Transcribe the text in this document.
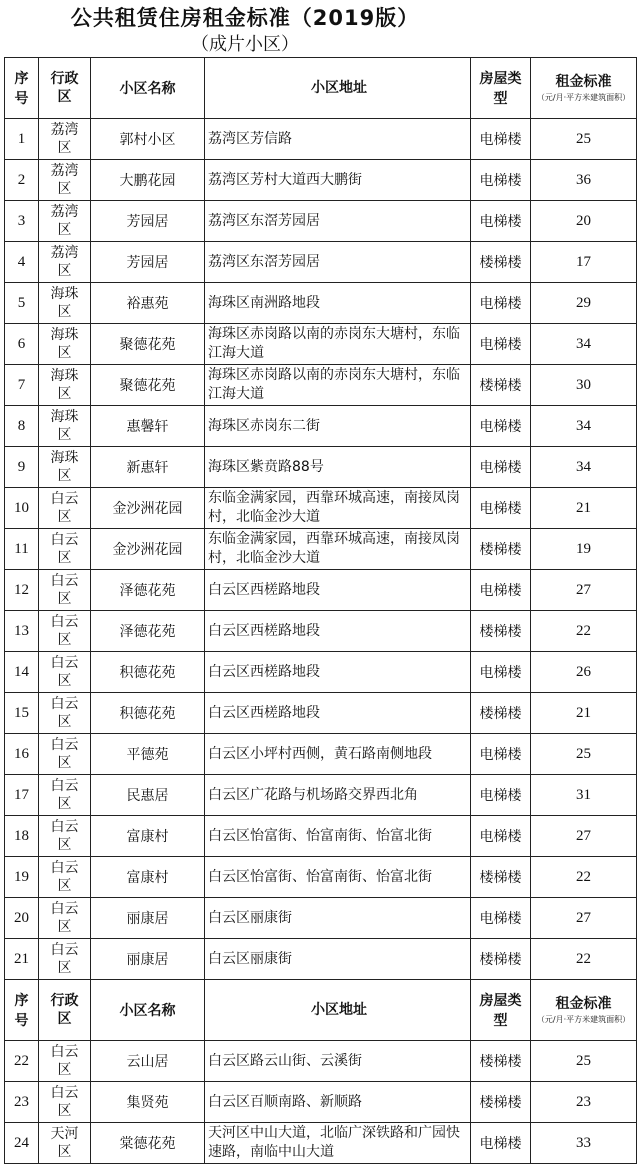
公共租赁住房租金标准（2019版）
（成片小区）
序号	行政区	小区名称	小区地址	房屋类型	租金标准
（元/月·平方米建筑面积）

1	荔湾区	郭村小区	荔湾区芳信路	电梯楼	25
2	荔湾区	大鹏花园	荔湾区芳村大道西大鹏街	电梯楼	36
3	荔湾区	芳园居	荔湾区东滘芳园居	电梯楼	20
4	荔湾区	芳园居	荔湾区东滘芳园居	楼梯楼	17
5	海珠区	裕惠苑	海珠区南洲路地段	电梯楼	29
6	海珠区	聚德花苑	海珠区赤岗路以南的赤岗东大塘村，东临江海大道	电梯楼	34
7	海珠区	聚德花苑	海珠区赤岗路以南的赤岗东大塘村，东临江海大道	楼梯楼	30
8	海珠区	惠馨轩	海珠区赤岗东二街	电梯楼	34
9	海珠区	新惠轩	海珠区紫贲路88号	电梯楼	34
10	白云区	金沙洲花园	东临金满家园，西靠环城高速，南接凤岗村，北临金沙大道	电梯楼	21
11	白云区	金沙洲花园	东临金满家园，西靠环城高速，南接凤岗村，北临金沙大道	楼梯楼	19
12	白云区	泽德花苑	白云区西槎路地段	电梯楼	27
13	白云区	泽德花苑	白云区西槎路地段	楼梯楼	22
14	白云区	积德花苑	白云区西槎路地段	电梯楼	26
15	白云区	积德花苑	白云区西槎路地段	楼梯楼	21
16	白云区	平德苑	白云区小坪村西侧，黄石路南侧地段	电梯楼	25
17	白云区	民惠居	白云区广花路与机场路交界西北角	电梯楼	31
18	白云区	富康村	白云区怡富街、怡富南街、怡富北街	电梯楼	27
19	白云区	富康村	白云区怡富街、怡富南街、怡富北街	楼梯楼	22
20	白云区	丽康居	白云区丽康街	电梯楼	27
21	白云区	丽康居	白云区丽康街	楼梯楼	22

序号	行政区	小区名称	小区地址	房屋类型	租金标准
（元/月·平方米建筑面积）

22	白云区	云山居	白云区路云山街、云溪街	楼梯楼	25
23	白云区	集贤苑	白云区百顺南路、新顺路	楼梯楼	23
24	天河区	棠德花苑	天河区中山大道，北临广深铁路和广园快速路，南临中山大道	电梯楼	33
